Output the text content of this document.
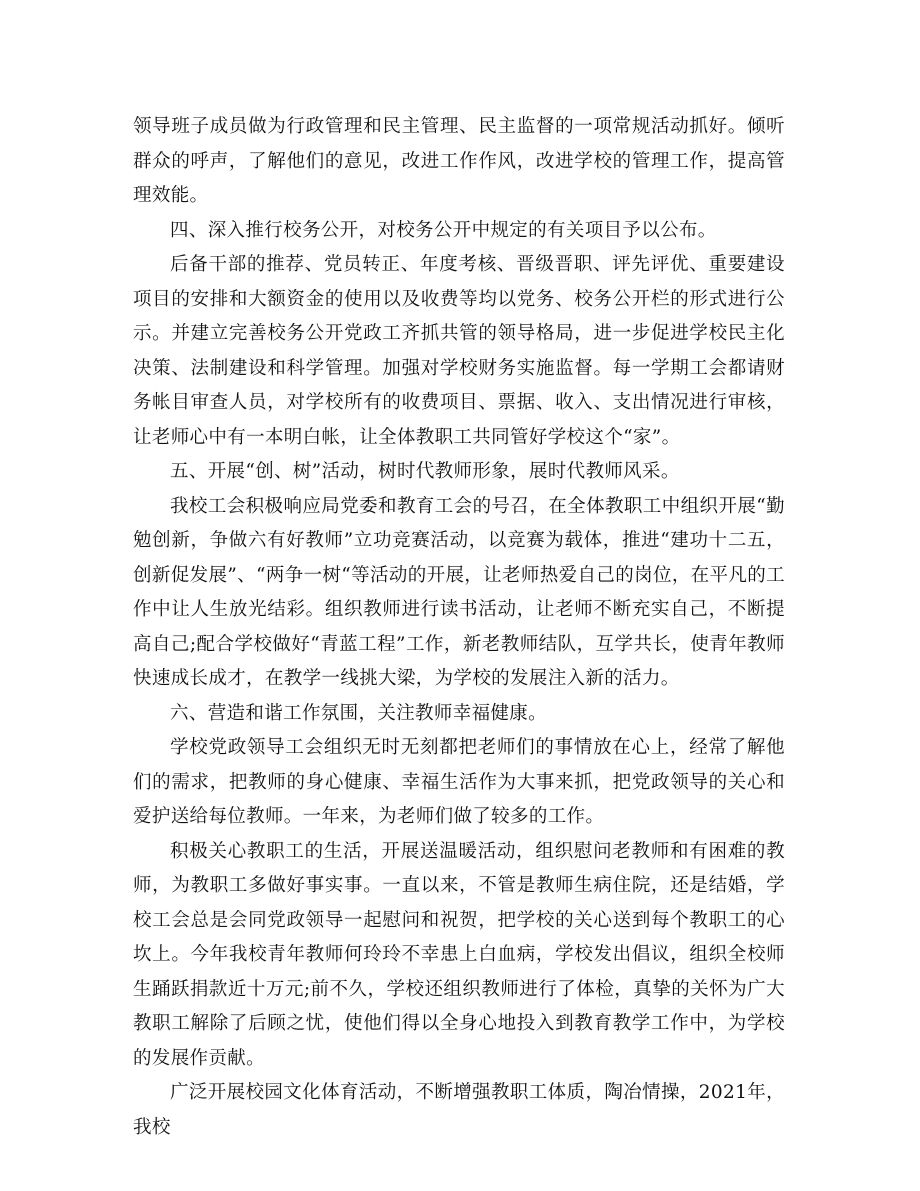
领导班子成员做为行政管理和民主管理、民主监督的一项常规活动抓好。倾听群众的呼声，了解他们的意见，改进工作作风，改进学校的管理工作，提高管理效能。

四、深入推行校务公开，对校务公开中规定的有关项目予以公布。

后备干部的推荐、党员转正、年度考核、晋级晋职、评先评优、重要建设项目的安排和大额资金的使用以及收费等均以党务、校务公开栏的形式进行公示。并建立完善校务公开党政工齐抓共管的领导格局，进一步促进学校民主化决策、法制建设和科学管理。加强对学校财务实施监督。每一学期工会都请财务帐目审查人员，对学校所有的收费项目、票据、收入、支出情况进行审核，让老师心中有一本明白帐，让全体教职工共同管好学校这个“家”。

五、开展“创、树”活动，树时代教师形象，展时代教师风采。

我校工会积极响应局党委和教育工会的号召，在全体教职工中组织开展“勤勉创新，争做六有好教师”立功竞赛活动，以竞赛为载体，推进“建功十二五，创新促发展”、“两争一树“等活动的开展，让老师热爱自己的岗位，在平凡的工作中让人生放光结彩。组织教师进行读书活动，让老师不断充实自己，不断提高自己;配合学校做好“青蓝工程”工作，新老教师结队，互学共长，使青年教师快速成长成才，在教学一线挑大梁，为学校的发展注入新的活力。

六、营造和谐工作氛围，关注教师幸福健康。

学校党政领导工会组织无时无刻都把老师们的事情放在心上，经常了解他们的需求，把教师的身心健康、幸福生活作为大事来抓，把党政领导的关心和爱护送给每位教师。一年来，为老师们做了较多的工作。

积极关心教职工的生活，开展送温暖活动，组织慰问老教师和有困难的教师，为教职工多做好事实事。一直以来，不管是教师生病住院，还是结婚，学校工会总是会同党政领导一起慰问和祝贺，把学校的关心送到每个教职工的心坎上。今年我校青年教师何玲玲不幸患上白血病，学校发出倡议，组织全校师生踊跃捐款近十万元;前不久，学校还组织教师进行了体检，真挚的关怀为广大教职工解除了后顾之忧，使他们得以全身心地投入到教育教学工作中，为学校的发展作贡献。

广泛开展校园文化体育活动，不断增强教职工体质，陶冶情操，2021年，我校
